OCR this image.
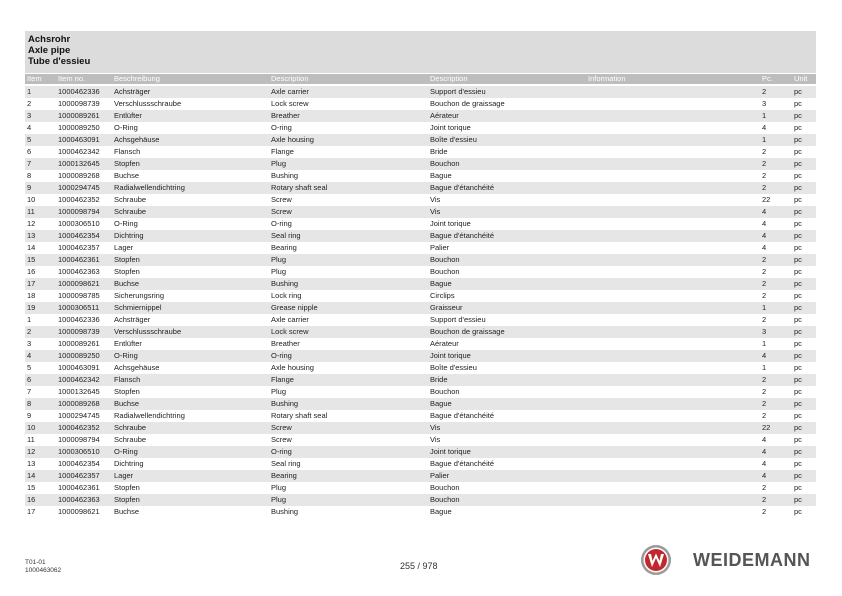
Achsrohr
Axle pipe
Tube d'essieu
Item Item no.	Beschreibung	Description	Description	Information	Pc.	Unit
1	1000462336 Achsträger	Axle carrier	Support d'essieu	2	pc
2	1000098739 Verschlussschraube	Lock screw	Bouchon de graissage	3	pc
3	1000089261 Entlüfter	Breather	Aérateur	1	pc
4	1000089250 O-Ring	O-ring	Joint torique	4	pc
5	1000463091 Achsgehäuse	Axle housing	Boîte d'essieu	1	pc
6	1000462342 Flansch	Flange	Bride	2	pc
7	1000132645 Stopfen	Plug	Bouchon	2	pc
8	1000089268 Buchse	Bushing	Bague	2	pc
9	1000294745 Radialwellendichtring	Rotary shaft seal	Bague d'étanchéité	2	pc
10	1000462352 Schraube	Screw	Vis	22	pc
11	1000098794 Schraube	Screw	Vis	4	pc
12	1000306510 O-Ring	O-ring	Joint torique	4	pc
13	1000462354 Dichtring	Seal ring	Bague d'étanchéité	4	pc
14	1000462357 Lager	Bearing	Palier	4	pc
15	1000462361 Stopfen	Plug	Bouchon	2	pc
16	1000462363 Stopfen	Plug	Bouchon	2	pc
17	1000098621 Buchse	Bushing	Bague	2	pc
18	1000098785 Sicherungsring	Lock ring	Circlips	2	pc
19	1000306511 Schmiernippel	Grease nipple	Graisseur	1	pc
1	1000462336 Achsträger	Axle carrier	Support d'essieu	2	pc
2	1000098739 Verschlussschraube	Lock screw	Bouchon de graissage	3	pc
3	1000089261 Entlüfter	Breather	Aérateur	1	pc
4	1000089250 O-Ring	O-ring	Joint torique	4	pc
5	1000463091 Achsgehäuse	Axle housing	Boîte d'essieu	1	pc
6	1000462342 Flansch	Flange	Bride	2	pc
7	1000132645 Stopfen	Plug	Bouchon	2	pc
8	1000089268 Buchse	Bushing	Bague	2	pc
9	1000294745 Radialwellendichtring	Rotary shaft seal	Bague d'étanchéité	2	pc
10	1000462352 Schraube	Screw	Vis	22	pc
11	1000098794 Schraube	Screw	Vis	4	pc
12	1000306510 O-Ring	O-ring	Joint torique	4	pc
13	1000462354 Dichtring	Seal ring	Bague d'étanchéité	4	pc
14	1000462357 Lager	Bearing	Palier	4	pc
15	1000462361 Stopfen	Plug	Bouchon	2	pc
16	1000462363 Stopfen	Plug	Bouchon	2	pc
17	1000098621 Buchse	Bushing	Bague	2	pc
T01-01
1000463062	255 / 978	WEIDEMANN
